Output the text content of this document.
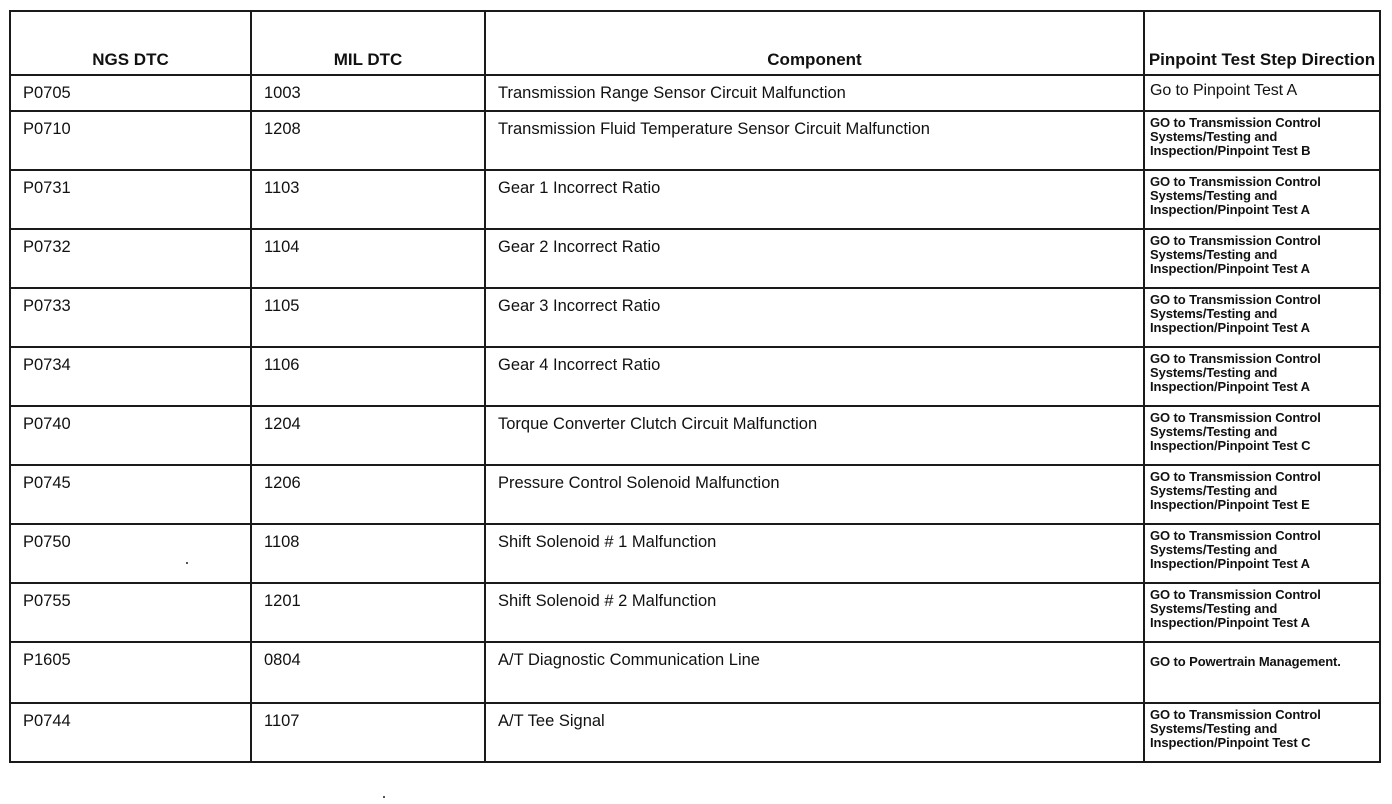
NGS DTC	MIL DTC	Component	Pinpoint Test Step Direction
P0705	1003	Transmission Range Sensor Circuit Malfunction	Go to Pinpoint Test A
P0710	1208	Transmission Fluid Temperature Sensor Circuit Malfunction	GO to Transmission Control Systems/Testing and Inspection/Pinpoint Test B
P0731	1103	Gear 1 Incorrect Ratio	GO to Transmission Control Systems/Testing and Inspection/Pinpoint Test A
P0732	1104	Gear 2 Incorrect Ratio	GO to Transmission Control Systems/Testing and Inspection/Pinpoint Test A
P0733	1105	Gear 3 Incorrect Ratio	GO to Transmission Control Systems/Testing and Inspection/Pinpoint Test A
P0734	1106	Gear 4 Incorrect Ratio	GO to Transmission Control Systems/Testing and Inspection/Pinpoint Test A
P0740	1204	Torque Converter Clutch Circuit Malfunction	GO to Transmission Control Systems/Testing and Inspection/Pinpoint Test C
P0745	1206	Pressure Control Solenoid Malfunction	GO to Transmission Control Systems/Testing and Inspection/Pinpoint Test E
P0750	1108	Shift Solenoid # 1 Malfunction	GO to Transmission Control Systems/Testing and Inspection/Pinpoint Test A
P0755	1201	Shift Solenoid # 2 Malfunction	GO to Transmission Control Systems/Testing and Inspection/Pinpoint Test A
P1605	0804	A/T Diagnostic Communication Line	GO to Powertrain Management.
P0744	1107	A/T Tee Signal	GO to Transmission Control Systems/Testing and Inspection/Pinpoint Test C
